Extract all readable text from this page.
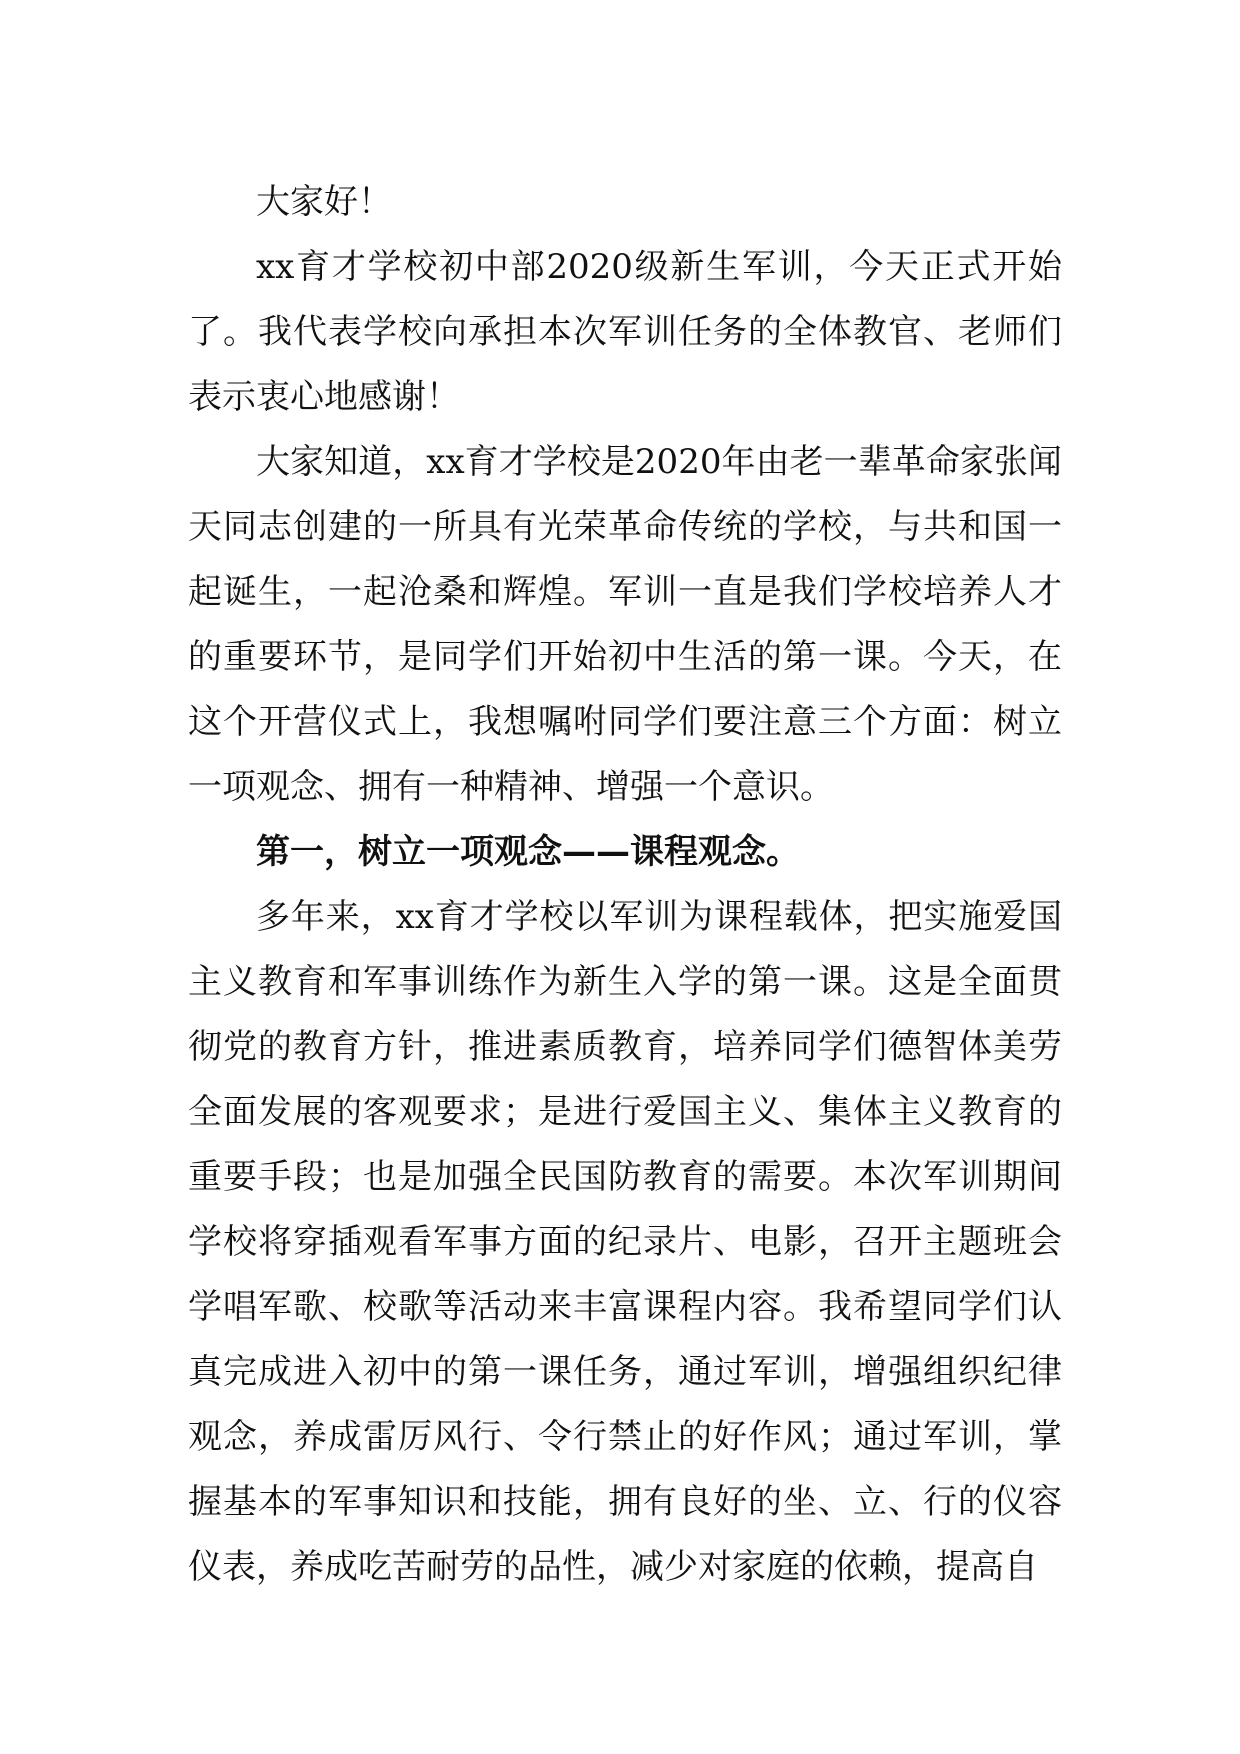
大家好！

xx育才学校初中部2020级新生军训，今天正式开始了。我代表学校向承担本次军训任务的全体教官、老师们表示衷心地感谢！

大家知道，xx育才学校是2020年由老一辈革命家张闻天同志创建的一所具有光荣革命传统的学校，与共和国一起诞生，一起沧桑和辉煌。军训一直是我们学校培养人才的重要环节，是同学们开始初中生活的第一课。今天，在这个开营仪式上，我想嘱咐同学们要注意三个方面：树立一项观念、拥有一种精神、增强一个意识。

第一，树立一项观念——课程观念。

多年来，xx育才学校以军训为课程载体，把实施爱国主义教育和军事训练作为新生入学的第一课。这是全面贯彻党的教育方针，推进素质教育，培养同学们德智体美劳全面发展的客观要求；是进行爱国主义、集体主义教育的重要手段；也是加强全民国防教育的需要。本次军训期间学校将穿插观看军事方面的纪录片、电影，召开主题班会学唱军歌、校歌等活动来丰富课程内容。我希望同学们认真完成进入初中的第一课任务，通过军训，增强组织纪律观念，养成雷厉风行、令行禁止的好作风；通过军训，掌握基本的军事知识和技能，拥有良好的坐、立、行的仪容仪表，养成吃苦耐劳的品性，减少对家庭的依赖，提高自
